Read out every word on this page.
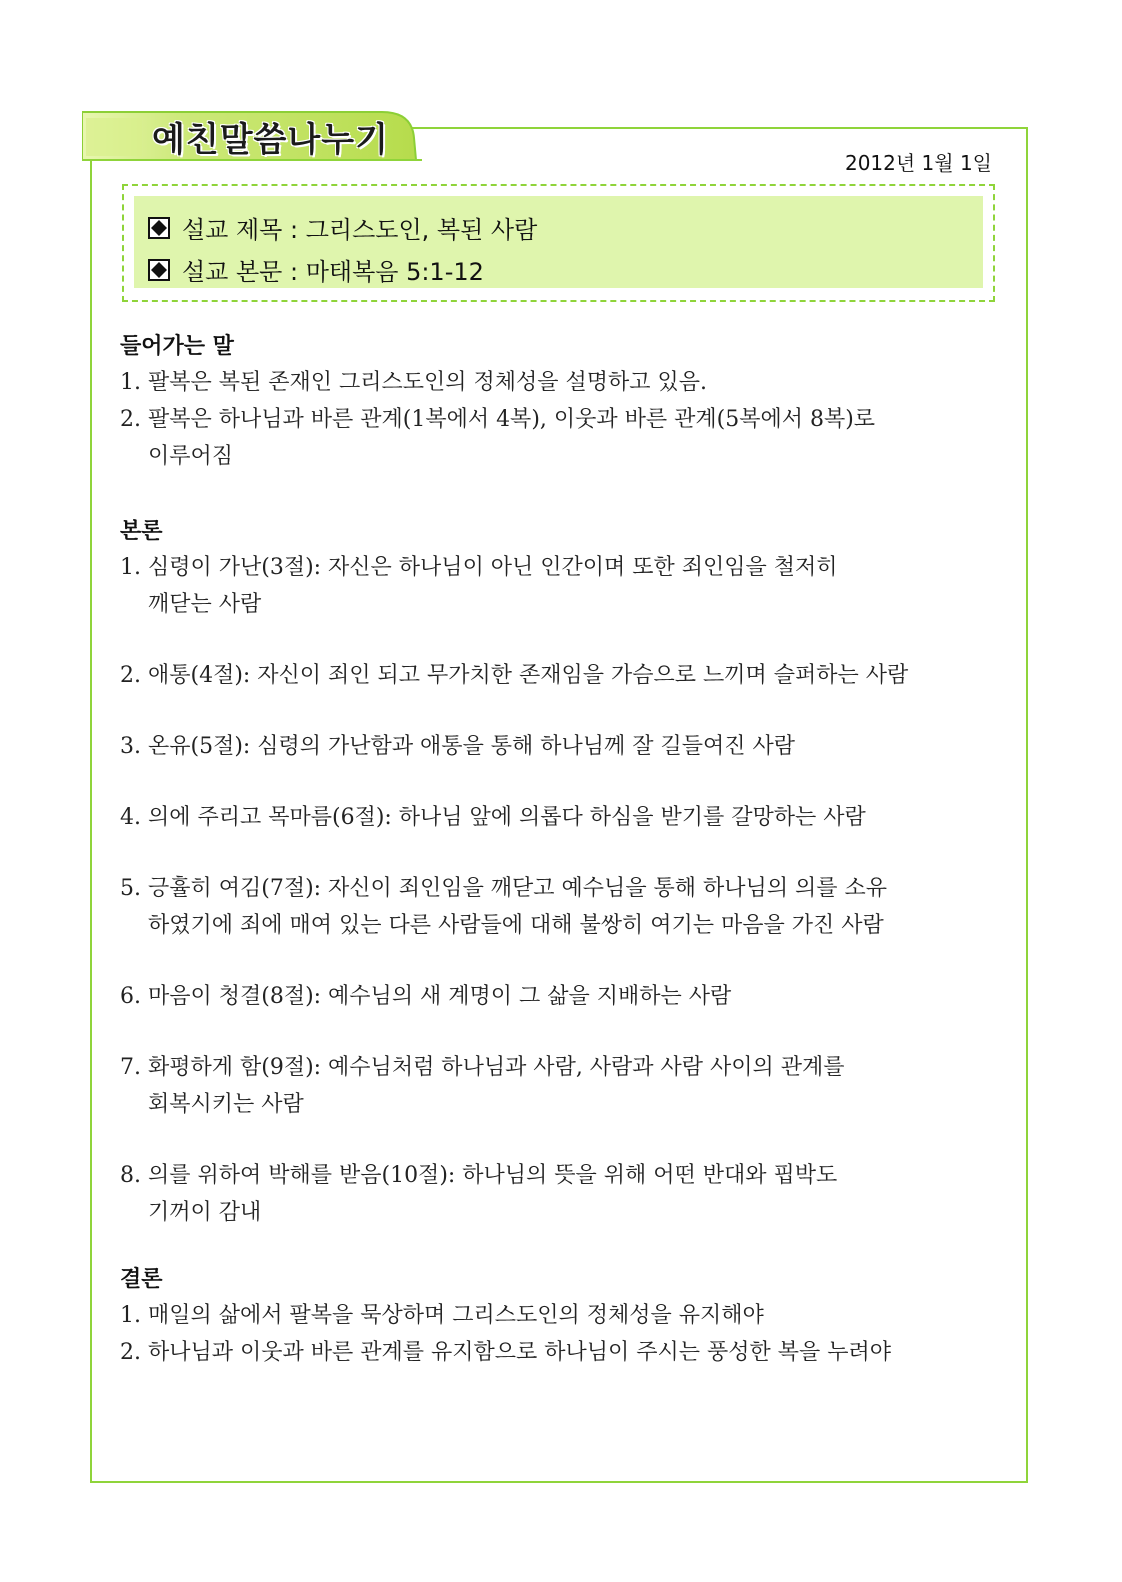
예친말씀나누기
2012년 1월 1일
설교 제목 : 그리스도인, 복된 사람
설교 본문 : 마태복음 5:1-12
들어가는 말
1. 팔복은 복된 존재인 그리스도인의 정체성을 설명하고 있음.
2. 팔복은 하나님과 바른 관계(1복에서 4복), 이웃과 바른 관계(5복에서 8복)로
이루어짐
본론
1. 심령이 가난(3절): 자신은 하나님이 아닌 인간이며 또한 죄인임을 철저히
깨닫는 사람
2. 애통(4절): 자신이 죄인 되고 무가치한 존재임을 가슴으로 느끼며 슬퍼하는 사람
3. 온유(5절): 심령의 가난함과 애통을 통해 하나님께 잘 길들여진 사람
4. 의에 주리고 목마름(6절): 하나님 앞에 의롭다 하심을 받기를 갈망하는 사람
5. 긍휼히 여김(7절): 자신이 죄인임을 깨닫고 예수님을 통해 하나님의 의를 소유
하였기에 죄에 매여 있는 다른 사람들에 대해 불쌍히 여기는 마음을 가진 사람
6. 마음이 청결(8절): 예수님의 새 계명이 그 삶을 지배하는 사람
7. 화평하게 함(9절): 예수님처럼 하나님과 사람, 사람과 사람 사이의 관계를
회복시키는 사람
8. 의를 위하여 박해를 받음(10절): 하나님의 뜻을 위해 어떤 반대와 핍박도
기꺼이 감내
결론
1. 매일의 삶에서 팔복을 묵상하며 그리스도인의 정체성을 유지해야
2. 하나님과 이웃과 바른 관계를 유지함으로 하나님이 주시는 풍성한 복을 누려야
